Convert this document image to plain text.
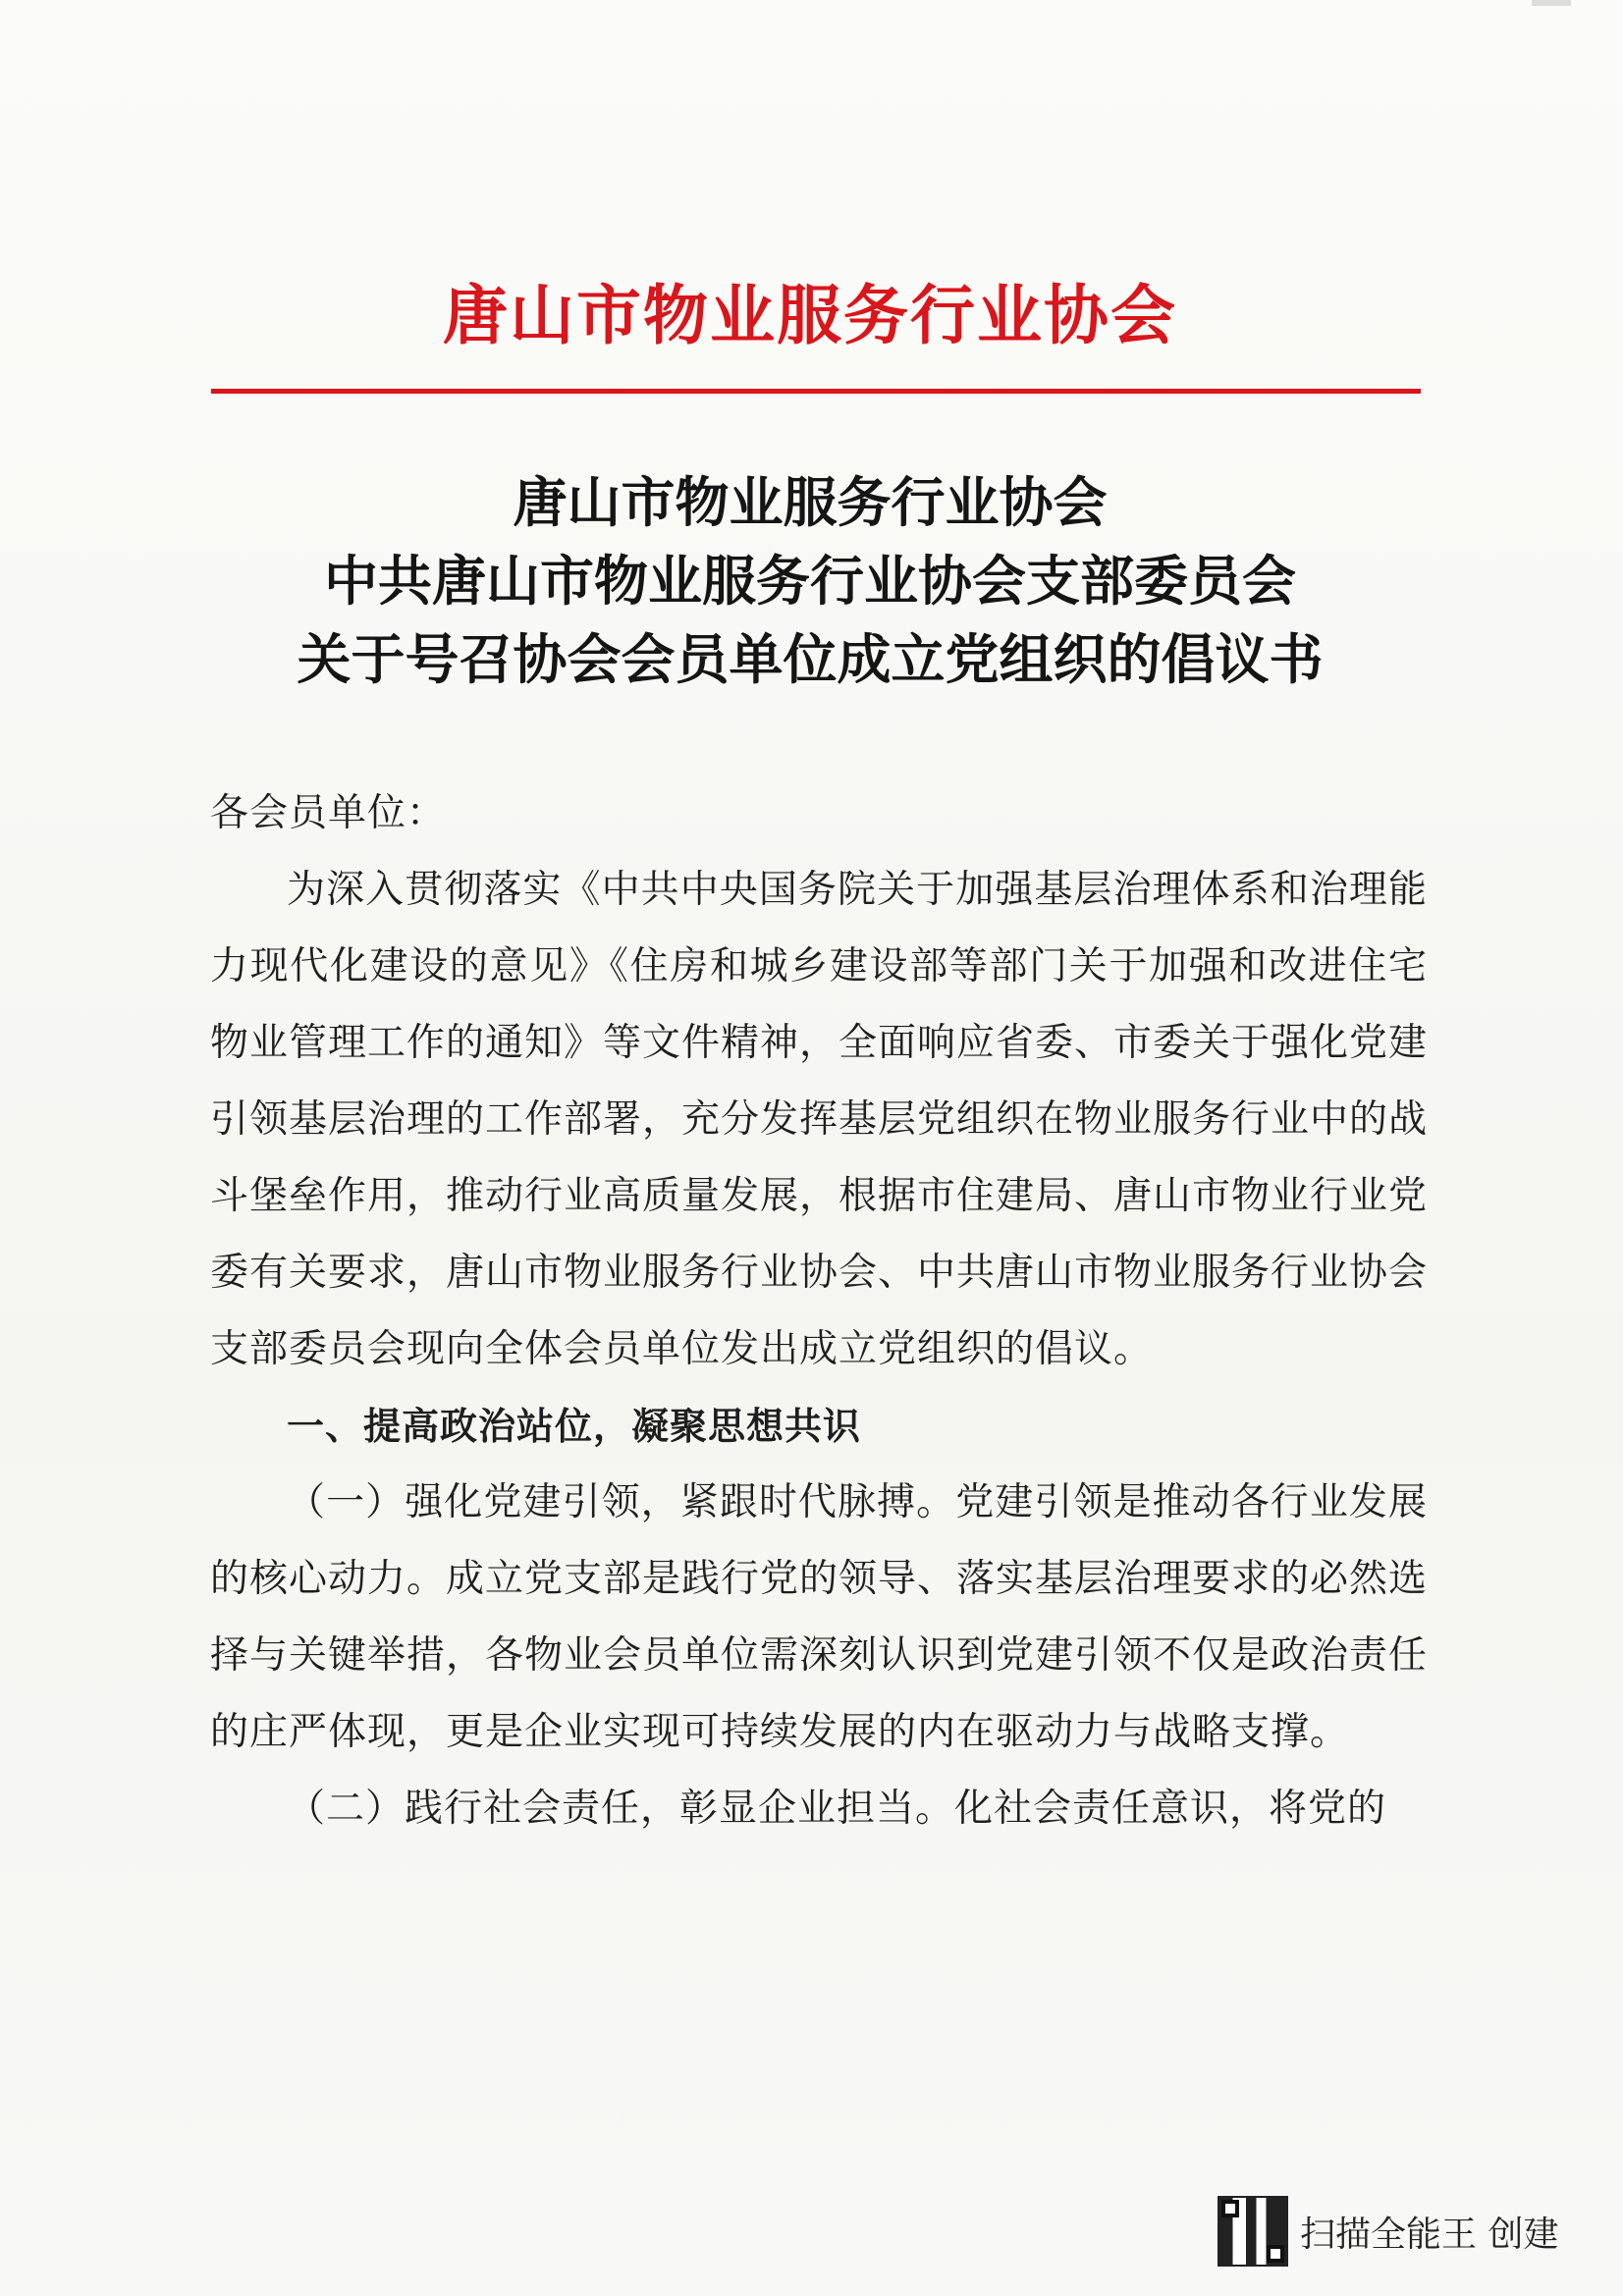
唐山市物业服务行业协会
唐山市物业服务行业协会
中共唐山市物业服务行业协会支部委员会
关于号召协会会员单位成立党组织的倡议书

各会员单位：

为深入贯彻落实《中共中央国务院关于加强基层治理体系和治理能力现代化建设的意见》《住房和城乡建设部等部门关于加强和改进住宅物业管理工作的通知》等文件精神，全面响应省委、市委关于强化党建引领基层治理的工作部署，充分发挥基层党组织在物业服务行业中的战斗堡垒作用，推动行业高质量发展，根据市住建局、唐山市物业行业党委有关要求，唐山市物业服务行业协会、中共唐山市物业服务行业协会支部委员会现向全体会员单位发出成立党组织的倡议。

一、提高政治站位，凝聚思想共识

（一）强化党建引领，紧跟时代脉搏。党建引领是推动各行业发展的核心动力。成立党支部是践行党的领导、落实基层治理要求的必然选择与关键举措，各物业会员单位需深刻认识到党建引领不仅是政治责任的庄严体现，更是企业实现可持续发展的内在驱动力与战略支撑。

（二）践行社会责任，彰显企业担当。化社会责任意识，将党的

扫描全能王 创建
